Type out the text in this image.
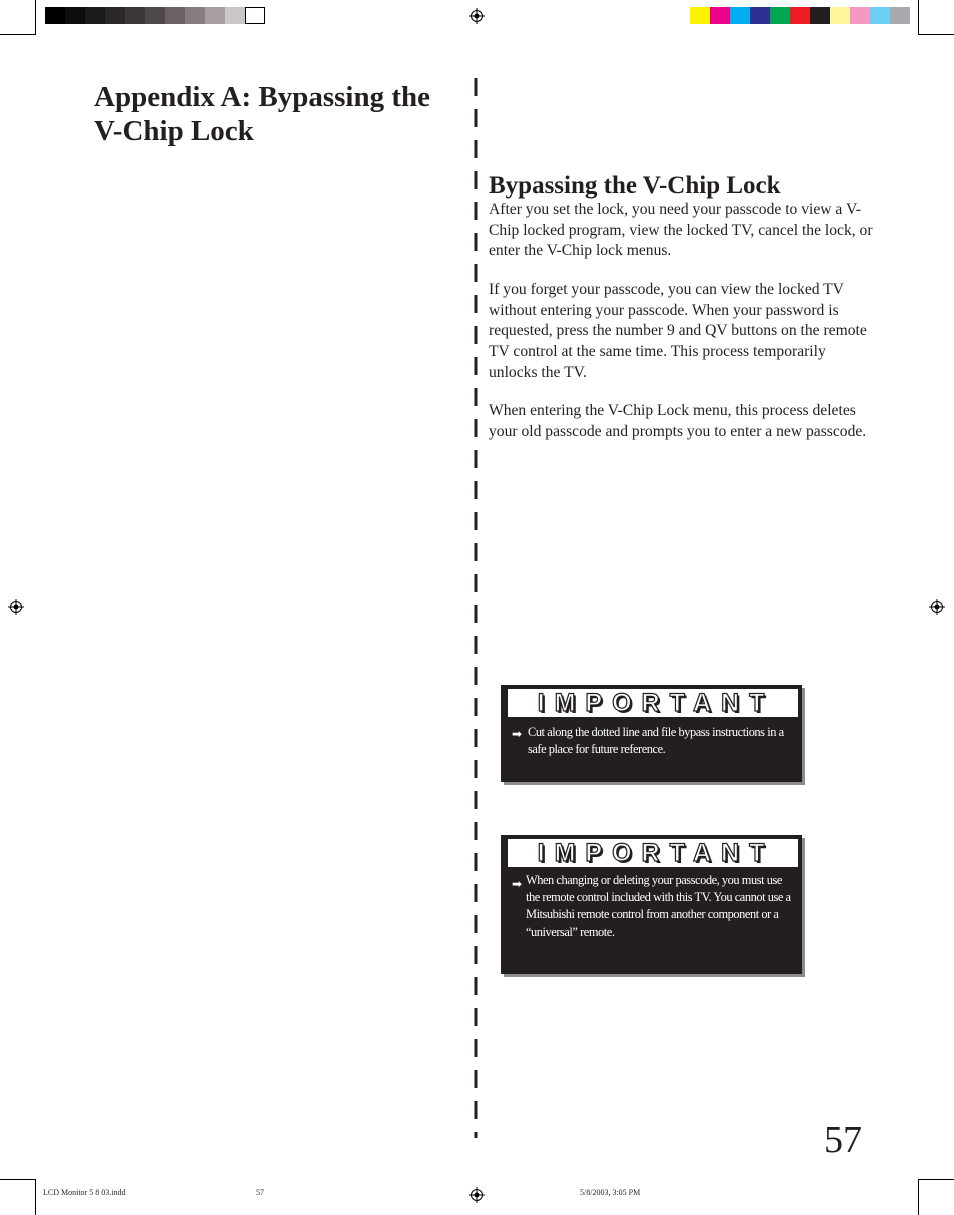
Appendix A: Bypassing the V-Chip Lock
Bypassing the V-Chip Lock

After you set the lock, you need your passcode to view a V-Chip locked program, view the locked TV, cancel the lock, or enter the V-Chip lock menus.

If you forget your passcode, you can view the locked TV without entering your passcode. When your password is requested, press the number 9 and QV buttons on the remote TV control at the same time. This process temporarily unlocks the TV.

When entering the V-Chip Lock menu, this process deletes your old passcode and prompts you to enter a new passcode.

IMPORTANT
➡ Cut along the dotted line and file bypass instructions in a safe place for future reference.

IMPORTANT
➡ When changing or deleting your passcode, you must use the remote control included with this TV. You cannot use a Mitsubishi remote control from another component or a “universal” remote.

57
LCD Monitor 5 8 03.indd	57	5/8/2003, 3:05 PM
